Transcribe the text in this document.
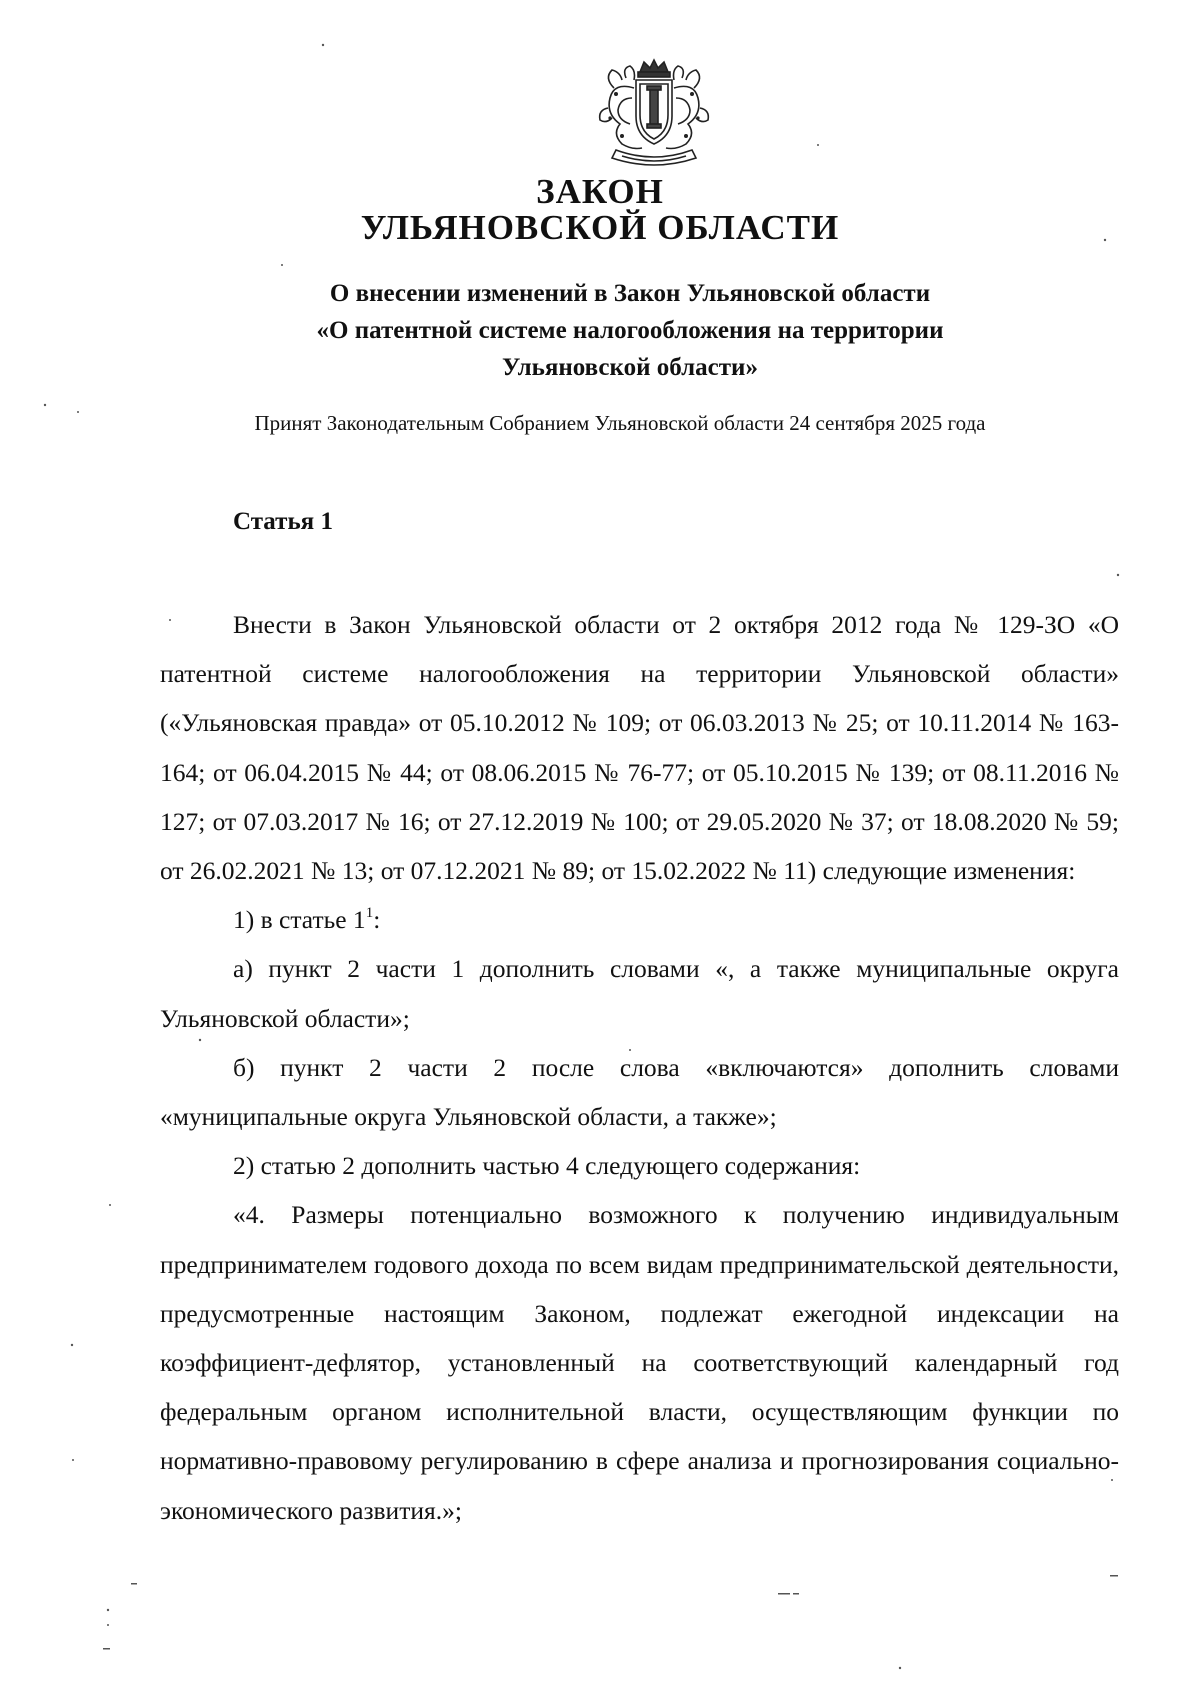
ЗАКОН
УЛЬЯНОВСКОЙ ОБЛАСТИ
О внесении изменений в Закон Ульяновской области
«О патентной системе налогообложения на территории
Ульяновской области»
Принят Законодательным Собранием Ульяновской области 24 сентября 2025 года
Статья 1

Внести в Закон Ульяновской области от 2 октября 2012 года № 129-ЗО «О патентной системе налогообложения на территории Ульяновской области» («Ульяновская правда» от 05.10.2012 № 109; от 06.03.2013 № 25; от 10.11.2014 № 163-164; от 06.04.2015 № 44; от 08.06.2015 № 76-77; от 05.10.2015 № 139; от 08.11.2016 № 127; от 07.03.2017 № 16; от 27.12.2019 № 100; от 29.05.2020 № 37; от 18.08.2020 № 59; от 26.02.2021 № 13; от 07.12.2021 № 89; от 15.02.2022 № 11) следующие изменения:

1) в статье $1^1$:

а) пункт 2 части 1 дополнить словами «, а также муниципальные округа Ульяновской области»;

б) пункт 2 части 2 после слова «включаются» дополнить словами «муниципальные округа Ульяновской области, а также»;

2) статью 2 дополнить частью 4 следующего содержания:

«4. Размеры потенциально возможного к получению индивидуальным предпринимателем годового дохода по всем видам предпринимательской деятельности, предусмотренные настоящим Законом, подлежат ежегодной индексации на коэффициент-дефлятор, установленный на соответствующий календарный год федеральным органом исполнительной власти, осуществляющим функции по нормативно-правовому регулированию в сфере анализа и прогнозирования социально-экономического развития.»;
